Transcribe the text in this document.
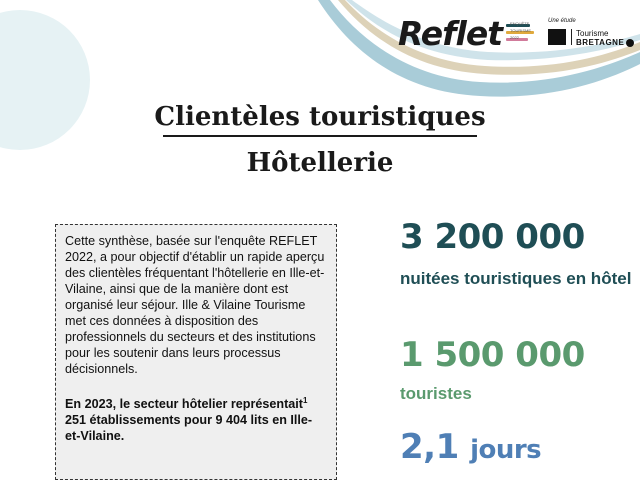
Reflet ENQUÊTE
TOURISME
2022
Une étude
Tourisme
BRETAGNE
Clientèles touristiques
Hôtellerie

Cette synthèse, basée sur l'enquête REFLET 2022, a pour objectif d'établir un rapide aperçu des clientèles fréquentant l'hôtellerie en Ille-et-Vilaine, ainsi que de la manière dont est organisé leur séjour. Ille & Vilaine Tourisme met ces données à disposition des professionnels du secteurs et des institutions pour les soutenir dans leurs processus décisionnels.

En 2023, le secteur hôtelier représentait$^1$ 251 établissements pour 9 404 lits en Ille-et-Vilaine.

3 200 000
nuitées touristiques en hôtel
1 500 000
touristes
2,1 jours
